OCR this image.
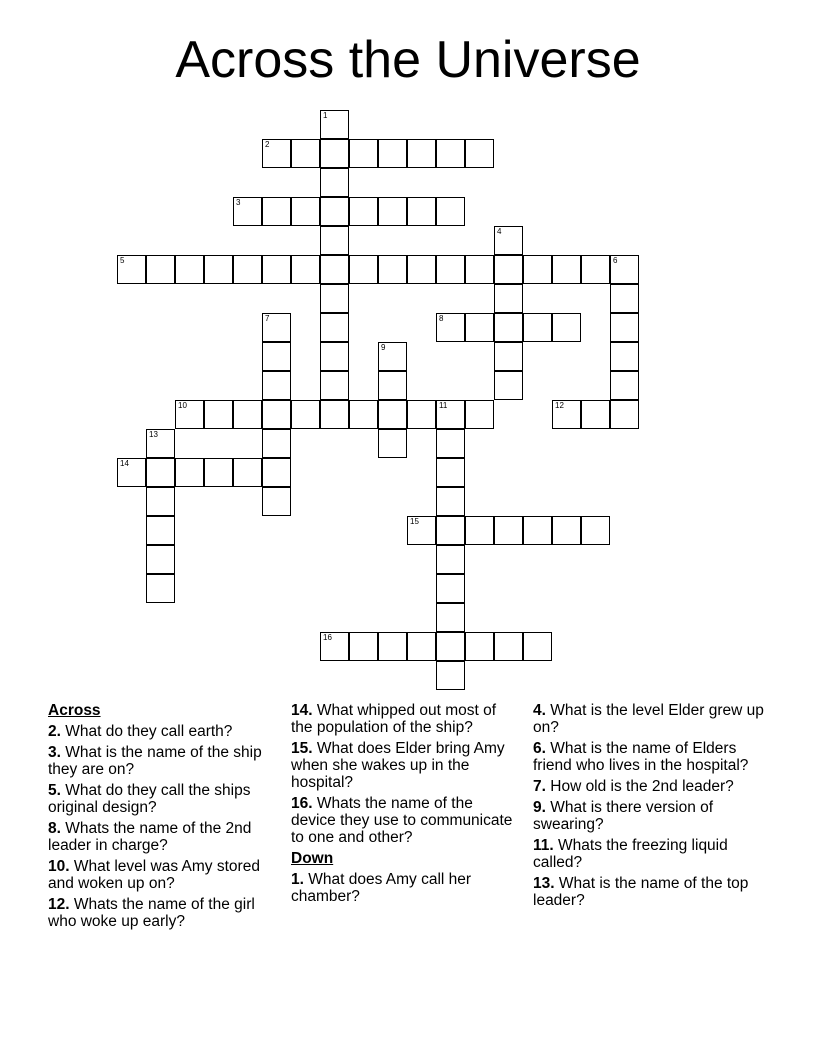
Across the Universe
1
2
3
4
5	6
7	8
9
10	11	12
13
14
15
16
Across
2. What do they call earth?
3. What is the name of the ship they are on?
5. What do they call the ships original design?
8. Whats the name of the 2nd leader in charge?
10. What level was Amy stored and woken up on?
12. Whats the name of the girl who woke up early?
14. What whipped out most of the population of the ship?
15. What does Elder bring Amy when she wakes up in the hospital?
16. Whats the name of the device they use to communicate to one and other?
Down
1. What does Amy call her chamber?
4. What is the level Elder grew up on?
6. What is the name of Elders friend who lives in the hospital?
7. How old is the 2nd leader?
9. What is there version of swearing?
11. Whats the freezing liquid called?
13. What is the name of the top leader?
